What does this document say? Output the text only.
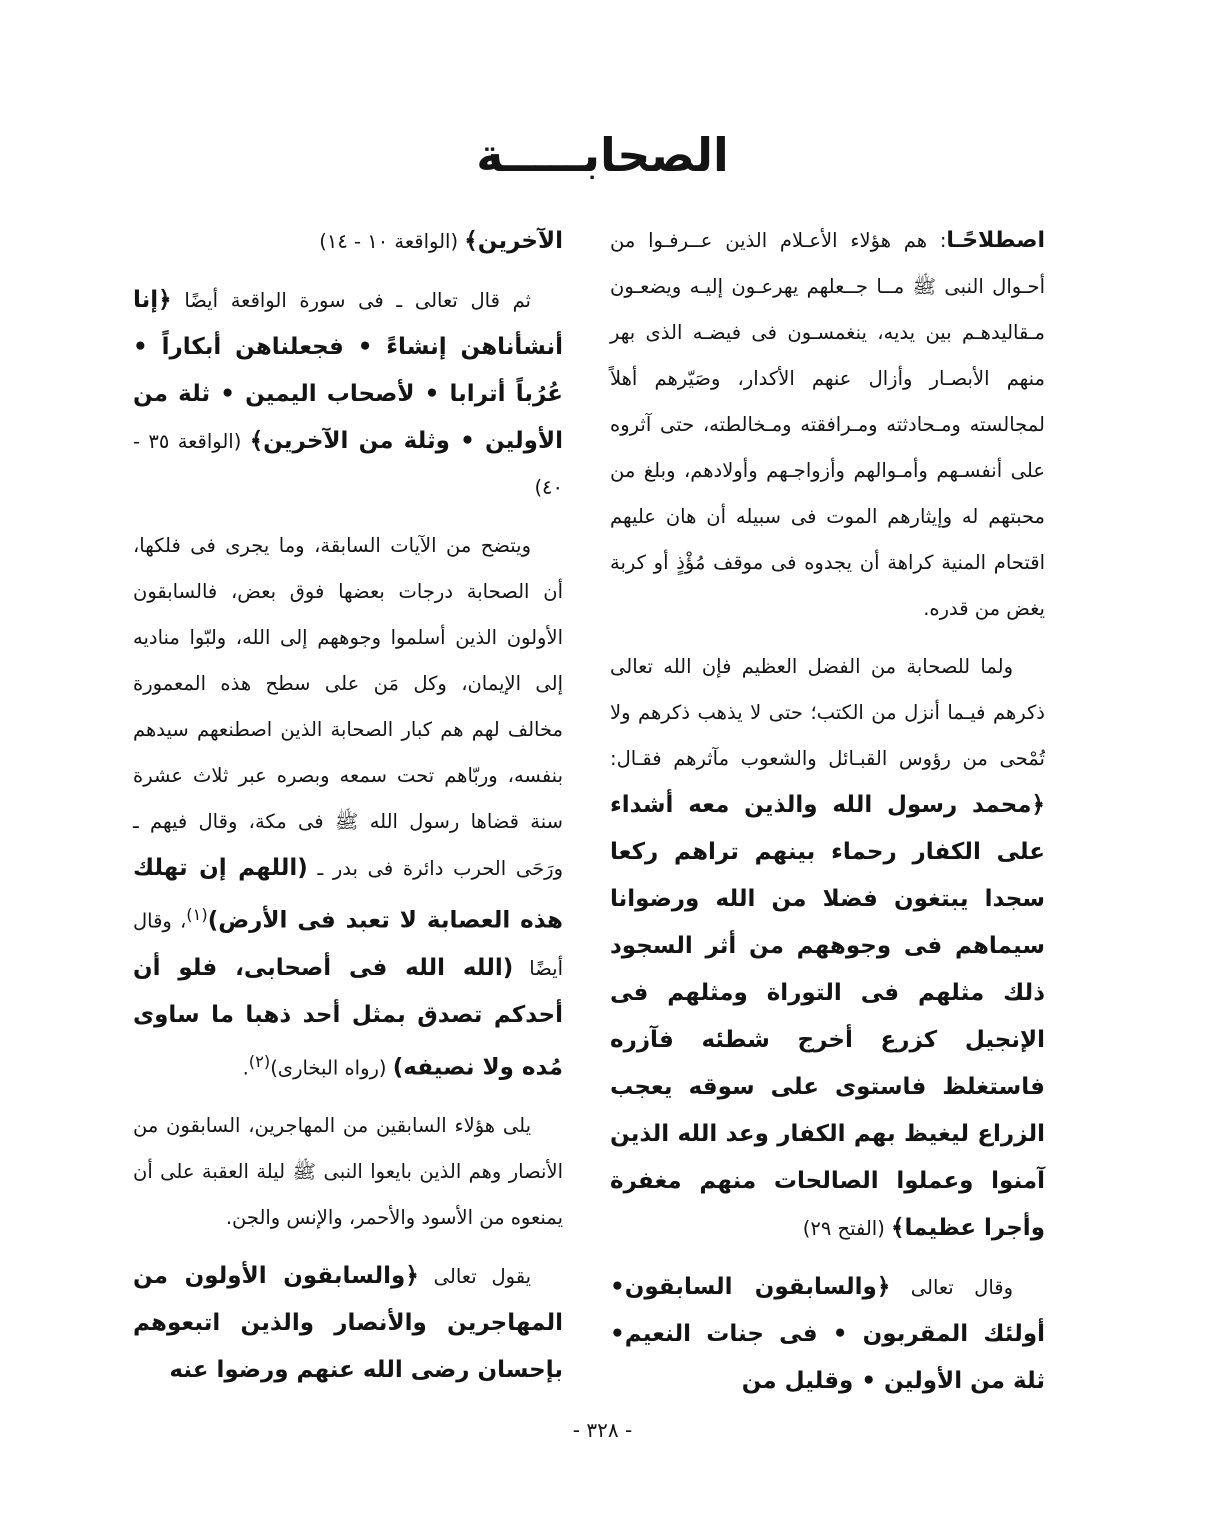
الصحابـــــة

اصطلاحًـا: هم هؤلاء الأعـلام الذين عــرفـوا من أحـوال النبى ﷺ مــا جــعلهم يهرعـون إليـه ويضعـون مـقاليدهـم بين يديه، ينغمسـون فى فيضـه الذى بهر منهم الأبصـار وأزال عنهم الأكدار، وصَيّرهم أهلاً لمجالسته ومـحادثته ومـرافقته ومـخالطته، حتى آثروه على أنفسـهم وأمـوالهم وأزواجـهم وأولادهم، وبلغ من محبتهم له وإيثارهم الموت فى سبيله أن هان عليهم اقتحام المنية كراهة أن يجدوه فى موقف مُؤْذٍ أو كربة يغض من قدره.

ولما للصحابة من الفضل العظيم فإن الله تعالى ذكرهم فيـما أنزل من الكتب؛ حتى لا يذهب ذكرهم ولا تُمْحى من رؤوس القبـائل والشعوب مآثرهم فقـال: ﴿محمد رسول الله والذين معه أشداء على الكفار رحماء بينهم تراهم ركعا سجدا يبتغون فضلا من الله ورضوانا سيماهم فى وجوههم من أثر السجود ذلك مثلهم فى التوراة ومثلهم فى الإنجيل كزرع أخرج شطئه فآزره فاستغلظ فاستوى على سوقه يعجب الزراع ليغيظ بهم الكفار وعد الله الذين آمنوا وعملوا الصالحات منهم مغفرة وأجرا عظيما﴾ (الفتح ٢٩)

وقال تعالى ﴿والسابقون السابقون• أولئك المقربون • فى جنات النعيم• ثلة من الأولين • وقليل من

الآخرين﴾ (الواقعة ١٠ - ١٤)

ثم قال تعالى ـ فى سورة الواقعة أيضًا ﴿إنا أنشأناهن إنشاءً • فجعلناهن أبكاراً • عُرُباً أترابا • لأصحاب اليمين • ثلة من الأولين • وثلة من الآخرين﴾ (الواقعة ٣٥ - ٤٠)

ويتضح من الآيات السابقة، وما يجرى فى فلكها، أن الصحابة درجات بعضها فوق بعض، فالسابقون الأولون الذين أسلموا وجوههم إلى الله، ولبّوا مناديه إلى الإيمان، وكل مَن على سطح هذه المعمورة مخالف لهم هم كبار الصحابة الذين اصطنعهم سيدهم بنفسه، وربّاهم تحت سمعه وبصره عبر ثلاث عشرة سنة قضاها رسول الله ﷺ فى مكة، وقال فيهم ـ ورَحَى الحرب دائرة فى بدر ـ (اللهم إن تهلك هذه العصابة لا تعبد فى الأرض)$^{(١)}$، وقال أيضًا (الله الله فى أصحابى، فلو أن أحدكم تصدق بمثل أحد ذهبا ما ساوى مُده ولا نصيفه) (رواه البخارى)$^{(٢)}$.

يلى هؤلاء السابقين من المهاجرين، السابقون من الأنصار وهم الذين بايعوا النبى ﷺ ليلة العقبة على أن يمنعوه من الأسود والأحمر، والإنس والجن.

يقول تعالى ﴿والسابقون الأولون من المهاجرين والأنصار والذين اتبعوهم بإحسان رضى الله عنهم ورضوا عنه

- ٣٢٨ -
